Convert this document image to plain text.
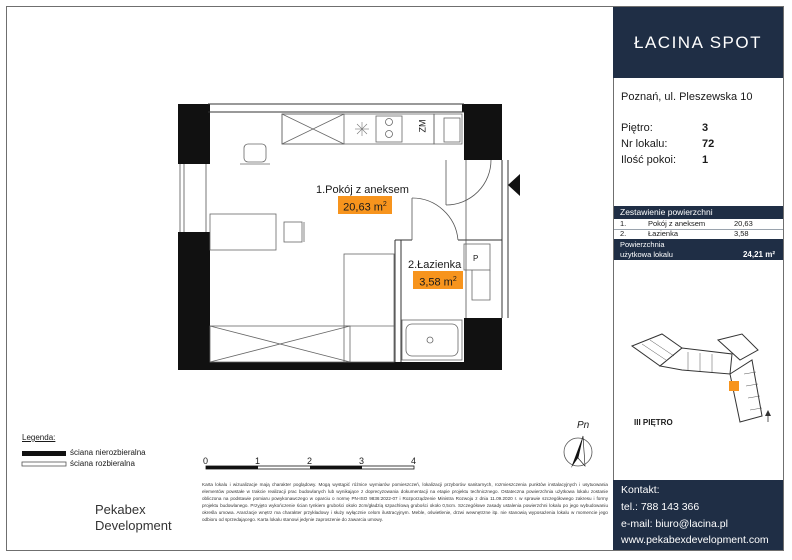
1.Pokój z aneksem
20,63 $m^2$
2.Łazienka
3,58 $m^2$
ZM
P
0	1	2	3	4
Pn
Legenda:
ściana nierozbieralna
ściana rozbieralna
Pekabex
Development
Karta lokalu i wizualizacje mają charakter poglądowy. Mogą wystąpić różnice wymiarów pomieszczeń, lokalizacji przyborów sanitarnych, rozmieszczenia punktów instalacyjnych i usytuowania elementów powstałe w trakcie realizacji prac budowlanych lub wynikające z doprecyzowania dokumentacji na etapie projektu technicznego. Ostateczna powierzchnia użytkowa lokalu zostanie obliczona na podstawie pomiaru powykonawczego w oparciu o normę PN-ISO 9836:2022-07 i Rozporządzenie Ministra Rozwoju z dnia 11.09.2020 r. w sprawie szczegółowego zakresu i formy projektu budowlanego. Przyjęto wykończenie ścian tynkiem grubości około 2cm/gładzią szpachlową grubości około 0,5cm. Szczegółowe zasady ustalenia powierzchni lokalu po jego wybudowaniu określa umowa. Aranżacje wnętrz ma charakter przykładowy i służy wyłącznie celom ilustracyjnym. Meble, oświetlenie, drzwi wewnętrzne itp. nie stanowią wyposażenia lokalu w momencie jego odbioru od sprzedającego. Karta lokalu stanowi jedynie zaproszenie do zawarcia umowy.
ŁACINA SPOT
Poznań, ul. Pleszewska 10
Piętro:	3
Nr lokalu:	72
Ilość pokoi: 1
Zestawienie powierzchni
1.	Pokój z aneksem	20,63
2.	Łazienka	3,58
Powierzchnia
użytkowa lokalu	24,21 m²
III PIĘTRO
Kontakt:
tel.: 788 143 366
e-mail: biuro@lacina.pl
www.pekabexdevelopment.com
